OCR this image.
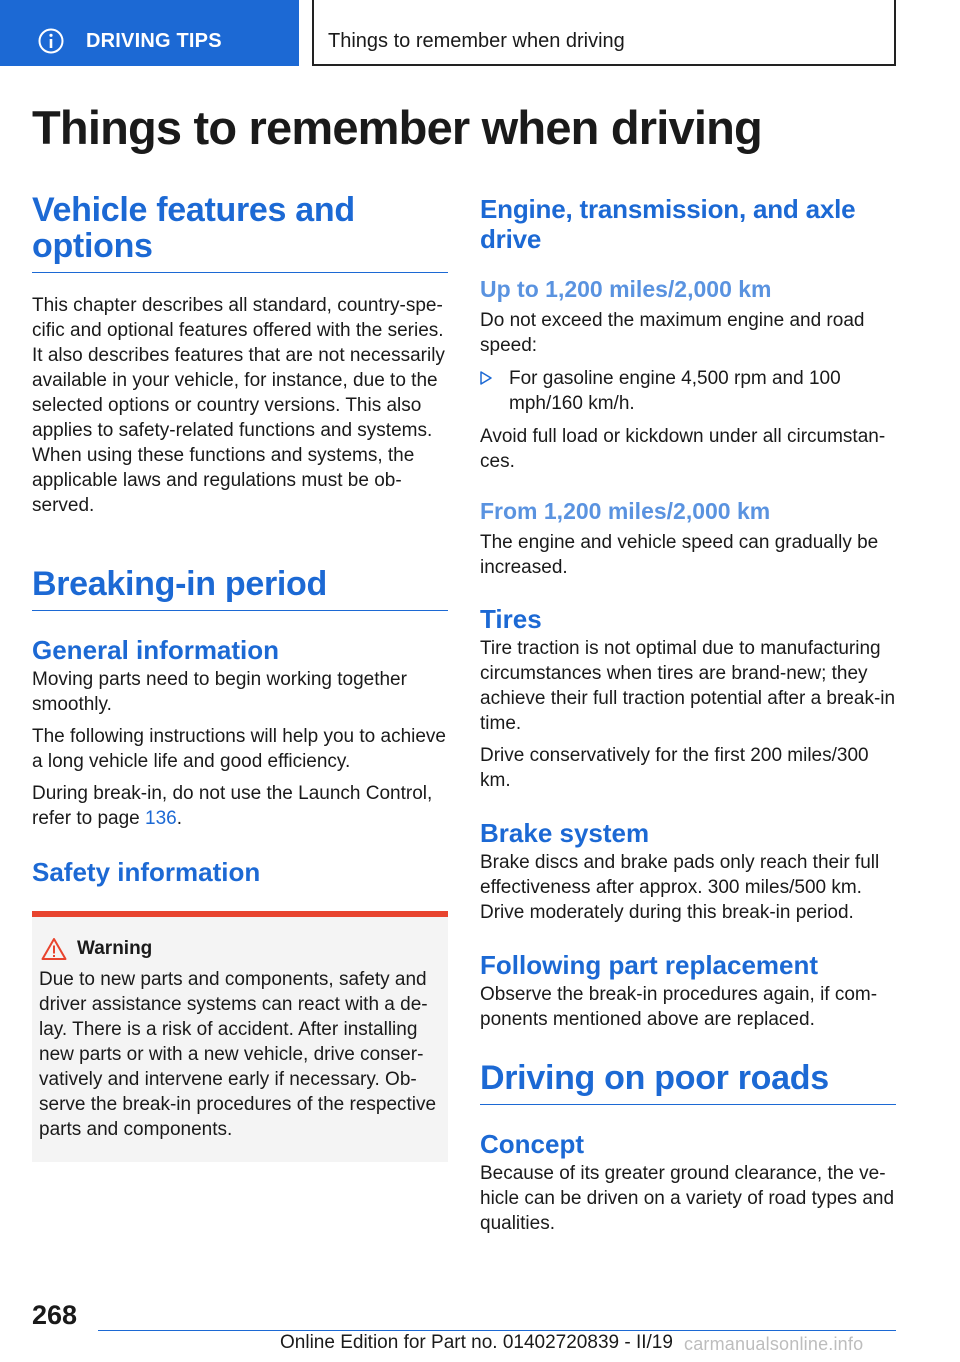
DRIVING TIPS	Things to remember when driving
Things to remember when driving
Vehicle features and options

This chapter describes all standard, country-specific and optional features offered with the series. It also describes features that are not necessarily available in your vehicle, for instance, due to the selected options or country versions. This also applies to safety-related functions and systems. When using these functions and systems, the applicable laws and regulations must be observed.

Breaking-in period
General information

Moving parts need to begin working together smoothly.

The following instructions will help you to achieve a long vehicle life and good efficiency.

During break-in, do not use the Launch Control, refer to page 136.

Safety information
Warning

Due to new parts and components, safety and driver assistance systems can react with a delay. There is a risk of accident. After installing new parts or with a new vehicle, drive conservatively and intervene early if necessary. Observe the break-in procedures of the respective parts and components.

Engine, transmission, and axle drive
Up to 1,200 miles/2,000 km

Do not exceed the maximum engine and road speed:

For gasoline engine 4,500 rpm and 100 mph/160 km/h.

Avoid full load or kickdown under all circumstances.

From 1,200 miles/2,000 km

The engine and vehicle speed can gradually be increased.

Tires

Tire traction is not optimal due to manufacturing circumstances when tires are brand-new; they achieve their full traction potential after a break-in time.

Drive conservatively for the first 200 miles/300 km.

Brake system

Brake discs and brake pads only reach their full effectiveness after approx. 300 miles/500 km. Drive moderately during this break-in period.

Following part replacement

Observe the break-in procedures again, if components mentioned above are replaced.

Driving on poor roads
Concept

Because of its greater ground clearance, the vehicle can be driven on a variety of road types and qualities.

268
Online Edition for Part no. 01402720839 - II/19 carmanualsonline.info
